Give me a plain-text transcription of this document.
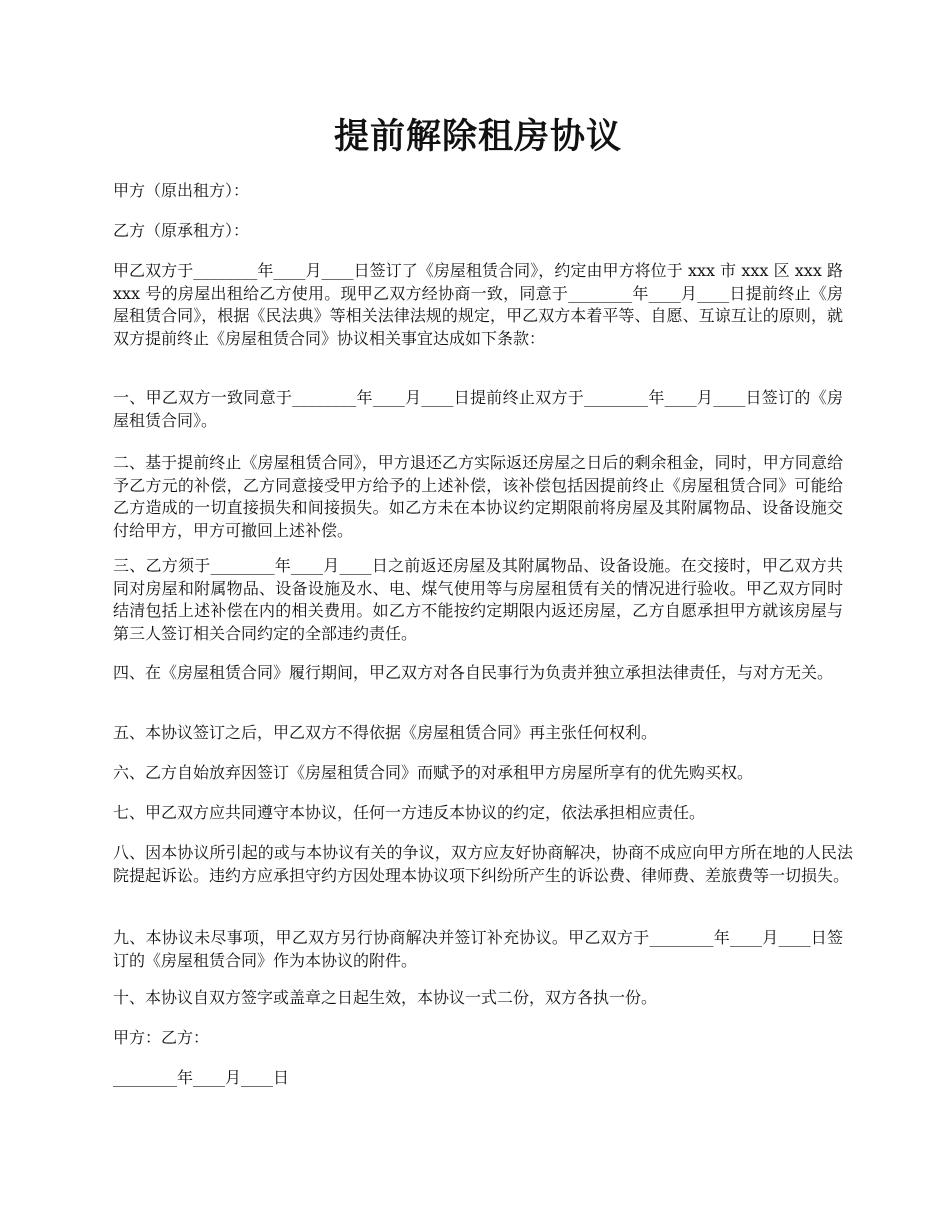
提前解除租房协议

甲方（原出租方）：

乙方（原承租方）：

甲乙双方于________年____月____日签订了《房屋租赁合同》，约定由甲方将位于 xxx 市 xxx 区 xxx 路 xxx 号的房屋出租给乙方使用。现甲乙双方经协商一致，同意于________年____月____日提前终止《房屋租赁合同》，根据《民法典》等相关法律法规的规定，甲乙双方本着平等、自愿、互谅互让的原则，就双方提前终止《房屋租赁合同》协议相关事宜达成如下条款：

一、甲乙双方一致同意于________年____月____日提前终止双方于________年____月____日签订的《房屋租赁合同》。

二、基于提前终止《房屋租赁合同》，甲方退还乙方实际返还房屋之日后的剩余租金，同时，甲方同意给予乙方元的补偿，乙方同意接受甲方给予的上述补偿，该补偿包括因提前终止《房屋租赁合同》可能给乙方造成的一切直接损失和间接损失。如乙方未在本协议约定期限前将房屋及其附属物品、设备设施交付给甲方，甲方可撤回上述补偿。

三、乙方须于________年____月____日之前返还房屋及其附属物品、设备设施。在交接时，甲乙双方共同对房屋和附属物品、设备设施及水、电、煤气使用等与房屋租赁有关的情况进行验收。甲乙双方同时结清包括上述补偿在内的相关费用。如乙方不能按约定期限内返还房屋，乙方自愿承担甲方就该房屋与第三人签订相关合同约定的全部违约责任。

四、在《房屋租赁合同》履行期间，甲乙双方对各自民事行为负责并独立承担法律责任，与对方无关。

五、本协议签订之后，甲乙双方不得依据《房屋租赁合同》再主张任何权利。

六、乙方自始放弃因签订《房屋租赁合同》而赋予的对承租甲方房屋所享有的优先购买权。

七、甲乙双方应共同遵守本协议，任何一方违反本协议的约定，依法承担相应责任。

八、因本协议所引起的或与本协议有关的争议，双方应友好协商解决，协商不成应向甲方所在地的人民法院提起诉讼。违约方应承担守约方因处理本协议项下纠纷所产生的诉讼费、律师费、差旅费等一切损失。

九、本协议未尽事项，甲乙双方另行协商解决并签订补充协议。甲乙双方于________年____月____日签订的《房屋租赁合同》作为本协议的附件。

十、本协议自双方签字或盖章之日起生效，本协议一式二份，双方各执一份。

甲方：乙方：

________年____月____日
